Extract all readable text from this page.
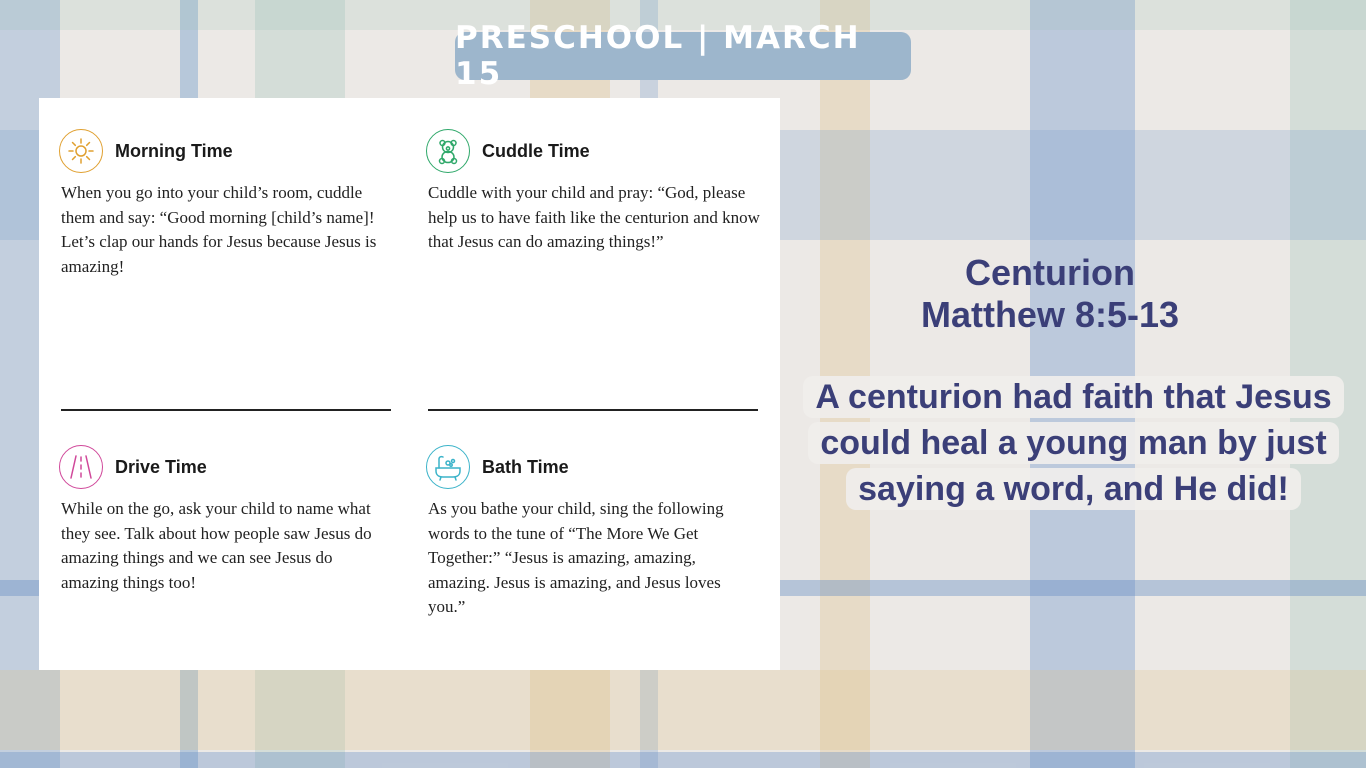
PRESCHOOL | MARCH 15
Morning Time
When you go into your child’s room, cuddle them and say: “Good morning [child’s name]! Let’s clap our hands for Jesus because Jesus is amazing!
Cuddle Time
Cuddle with your child and pray: “God, please help us to have faith like the centurion and know that Jesus can do amazing things!”
Drive Time
While on the go, ask your child to name what they see. Talk about how people saw Jesus do amazing things and we can see Jesus do amazing things too!
Bath Time
As you bathe your child, sing the following words to the tune of “The More We Get Together:” “Jesus is amazing, amazing, amazing. Jesus is amazing, and Jesus loves you.”
Centurion
Matthew 8:5-13
A centurion had faith that Jesus could heal a young man by just saying a word, and He did!
